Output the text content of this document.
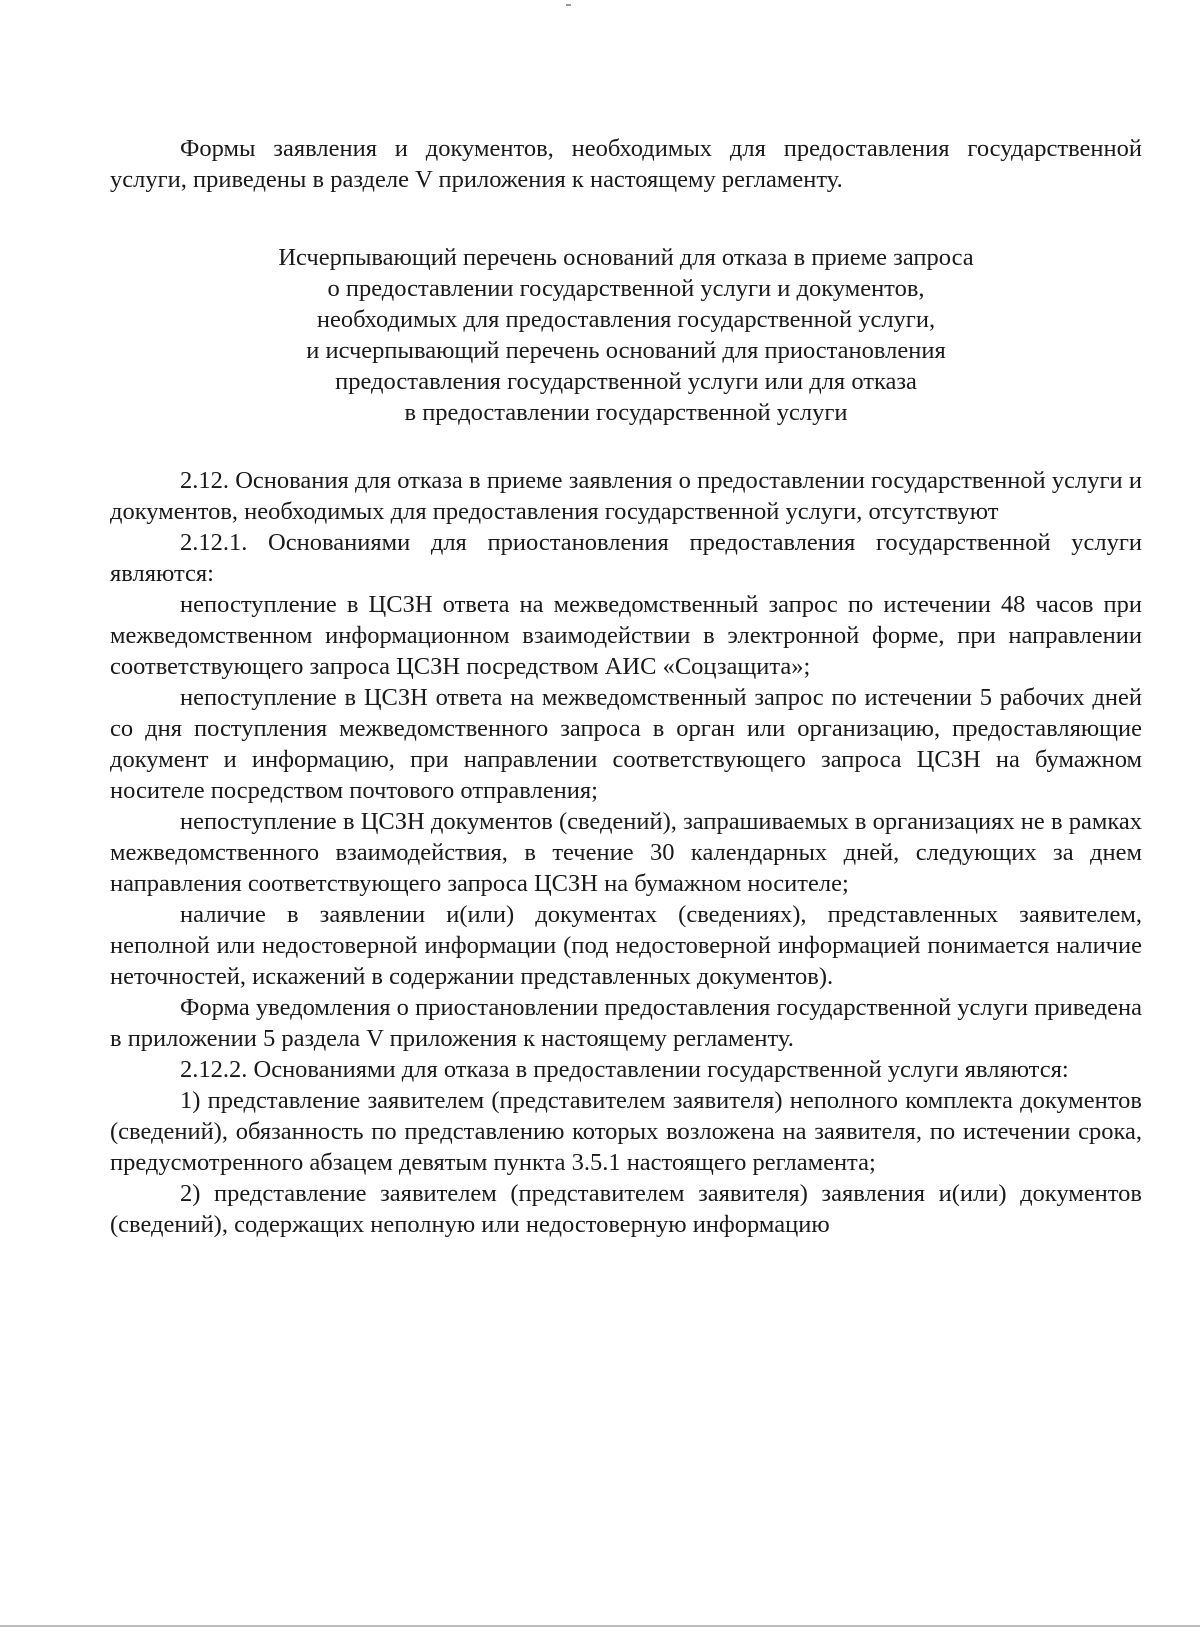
Формы заявления и документов, необходимых для предоставления государственной услуги, приведены в разделе V приложения к настоящему регламенту.

Исчерпывающий перечень оснований для отказа в приеме запроса
о предоставлении государственной услуги и документов,
необходимых для предоставления государственной услуги,
и исчерпывающий перечень оснований для приостановления
предоставления государственной услуги или для отказа
в предоставлении государственной услуги

2.12. Основания для отказа в приеме заявления о предоставлении государственной услуги и документов, необходимых для предоставления государственной услуги, отсутствуют

2.12.1. Основаниями для приостановления предоставления государственной услуги являются:

непоступление в ЦСЗН ответа на межведомственный запрос по истечении 48 часов при межведомственном информационном взаимодействии в электронной форме, при направлении соответствующего запроса ЦСЗН посредством АИС «Соцзащита»;

непоступление в ЦСЗН ответа на межведомственный запрос по истечении 5 рабочих дней со дня поступления межведомственного запроса в орган или организацию, предоставляющие документ и информацию, при направлении соответствующего запроса ЦСЗН на бумажном носителе посредством почтового отправления;

непоступление в ЦСЗН документов (сведений), запрашиваемых в организациях не в рамках межведомственного взаимодействия, в течение 30 календарных дней, следующих за днем направления соответствующего запроса ЦСЗН на бумажном носителе;

наличие в заявлении и(или) документах (сведениях), представленных заявителем, неполной или недостоверной информации (под недостоверной информацией понимается наличие неточностей, искажений в содержании представленных документов).

Форма уведомления о приостановлении предоставления государственной услуги приведена в приложении 5 раздела V приложения к настоящему регламенту.

2.12.2. Основаниями для отказа в предоставлении государственной услуги являются:

1) представление заявителем (представителем заявителя) неполного комплекта документов (сведений), обязанность по представлению которых возложена на заявителя, по истечении срока, предусмотренного абзацем девятым пункта 3.5.1 настоящего регламента;

2) представление заявителем (представителем заявителя) заявления и(или) документов (сведений), содержащих неполную или недостоверную информацию
